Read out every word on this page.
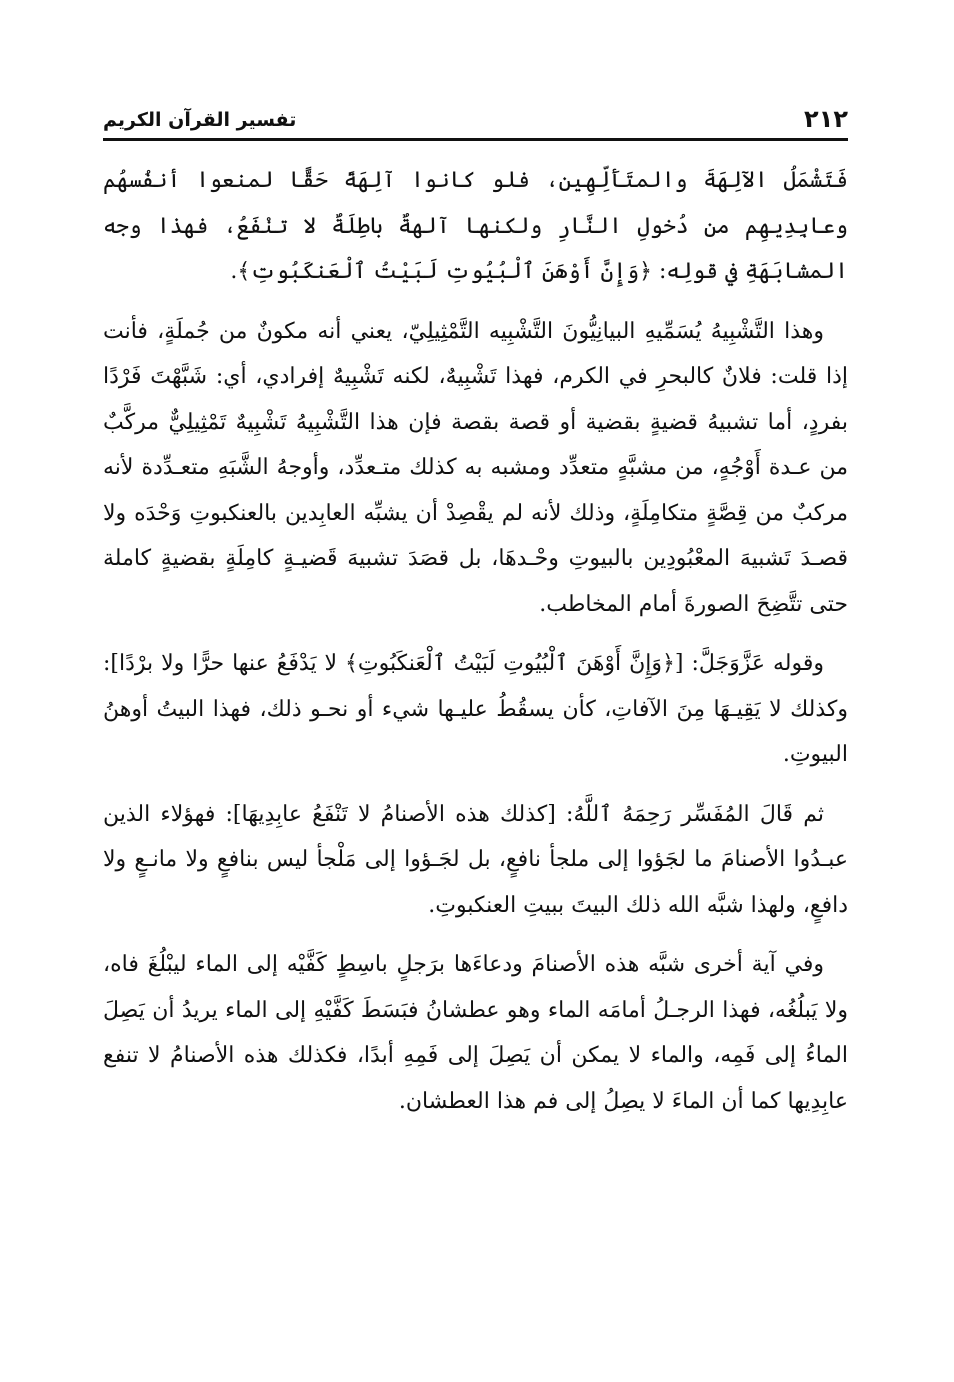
٢١٢
تفسير القرآن الكريم

فَتَشْمَلُ الآلِهَةَ والمتَأَلِّهِين، فلو كانوا آلِهَةً حَقًّا لمنعوا أنفُسهُم وعابِدِيهِم من دُخولِ النَّارِ ولكنها آلهةٌ باطِلَةٌ لا تنْفَعُ، فهذا وجه المشابَهَةِ في قولِه: ﴿وَإِنَّ أَوْهَنَ ٱلْبُيُوتِ لَبَيْتُ ٱلْعَنكَبُوتِ﴾.

وهذا التَّشْبِيهُ يُسَمِّيهِ البيانِيُّونَ التَّشْبِيه التَّمْثِيلِيّ، يعني أنه مكونٌ من جُملَةٍ، فأنت إذا قلت: فلانٌ كالبحرِ في الكرم، فهذا تَشْبِيهٌ، لكنه تَشْبِيهٌ إفرادي، أي: شَبَّهْتَ فَرْدًا بفردٍ، أما تشبيهُ قضيةٍ بقضية أو قصة بقصة فإن هذا التَّشْبِيهُ تَشْبِيهٌ تَمْثِيلِيٌّ مركَّبٌ من عـدة أَوْجُهٍ، من مشبَّهٍ متعدِّد ومشبه به كذلك متـعدِّد، وأوجهُ الشَّبَهِ متعـدِّدة لأنه مركبٌ من قِصَّةٍ متكامِلَةٍ، وذلك لأنه لم يقْصِدْ أن يشبِّه العابِدين بالعنكبوتِ وَحْدَه ولا قصـدَ تَشبيهَ المعْبُودِين بالبيوتِ وحْـدهَا، بل قصَدَ تشبيهَ قَضيـةٍ كامِلَةٍ بقضيةٍ كاملة حتى تتَّضِحَ الصورةَ أمام المخاطب.

وقوله عَزَّوَجَلَّ: [﴿وَإِنَّ أَوْهَنَ ٱلْبُيُوتِ لَبَيْتُ ٱلْعَنكَبُوتِ﴾ لا يَدْفَعُ عنها حرًّا ولا برْدًا]: وكذلك لا يَقِيـهَا مِنَ الآفاتِ، كأن يسقُطُ عليـها شيء أو نحـو ذلك، فهذا البيتُ أوهنُ البيوتِ.

ثم قَالَ المُفَسِّر رَحِمَهُ ٱللَّهُ: [كذلك هذه الأصنامُ لا تَنْفَعُ عابِدِيهَا]: فهؤلاء الذين عبـدُوا الأصنامَ ما لجَؤوا إلى ملجأ نافعٍ، بل لجَـؤوا إلى مَلْجأ ليس بنافعٍ ولا مانـعٍ ولا دافعٍ، ولهذا شبَّه الله ذلك البيتَ ببيتِ العنكبوتِ.

وفي آية أخرى شبَّه هذه الأصنامَ ودعاءَها برَجلٍ باسِطٍ كَفَّيْه إلى الماء ليبْلُغَ فاه، ولا يَبلُغُه، فهذا الرجـلُ أمامَه الماء وهو عطشانُ فبَسَطَ كَفَّيْهِ إلى الماء يريدُ أن يَصِلَ الماءُ إلى فَمِه، والماء لا يمكن أن يَصِلَ إلى فَمِهِ أبدًا، فكذلك هذه الأصنامُ لا تنفع عابِدِيها كما أن الماءَ لا يصِلُ إلى فم هذا العطشان.
